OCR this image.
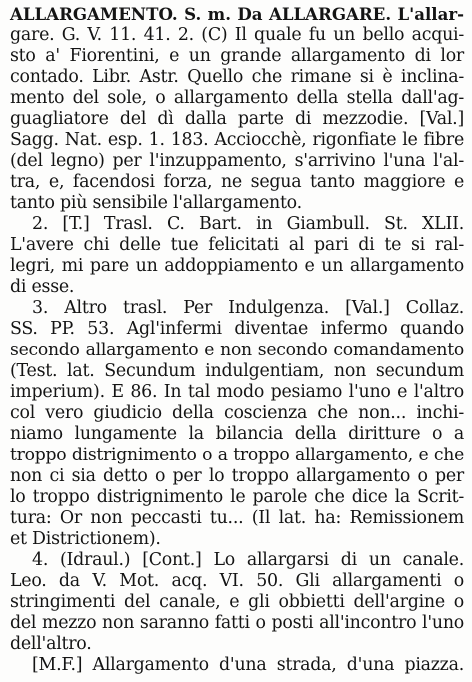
ALLARGAMENTO. S. m. Da ALLARGARE. L'allar-
gare. G. V. 11. 41. 2. (C) Il quale fu un bello acqui-
sto a' Fiorentini, e un grande allargamento di lor
contado. Libr. Astr. Quello che rimane si è inclina-
mento del sole, o allargamento della stella dall'ag-
guagliatore del dì dalla parte di mezzodie. [Val.]
Sagg. Nat. esp. 1. 183. Acciocchè, rigonfiate le fibre
(del legno) per l'inzuppamento, s'arrivino l'una l'al-
tra, e, facendosi forza, ne segua tanto maggiore e
tanto più sensibile l'allargamento.
2. [T.] Trasl. C. Bart. in Giambull. St. XLII.
L'avere chi delle tue felicitati al pari di te si ral-
legri, mi pare un addoppiamento e un allargamento
di esse.
3. Altro trasl. Per Indulgenza. [Val.] Collaz.
SS. PP. 53. Agl'infermi diventae infermo quando
secondo allargamento e non secondo comandamento
(Test. lat. Secundum indulgentiam, non secundum
imperium). E 86. In tal modo pesiamo l'uno e l'altro
col vero giudicio della coscienza che non... inchi-
niamo lungamente la bilancia della diritture o a
troppo distrignimento o a troppo allargamento, e che
non ci sia detto o per lo troppo allargamento o per
lo troppo distrignimento le parole che dice la Scrit-
tura: Or non peccasti tu... (Il lat. ha: Remissionem
et Districtionem).
4. (Idraul.) [Cont.] Lo allargarsi di un canale.
Leo. da V. Mot. acq. VI. 50. Gli allargamenti o
stringimenti del canale, e gli obbietti dell'argine o
del mezzo non saranno fatti o posti all'incontro l'uno
dell'altro.
[M.F.] Allargamento d'una strada, d'una piazza.
